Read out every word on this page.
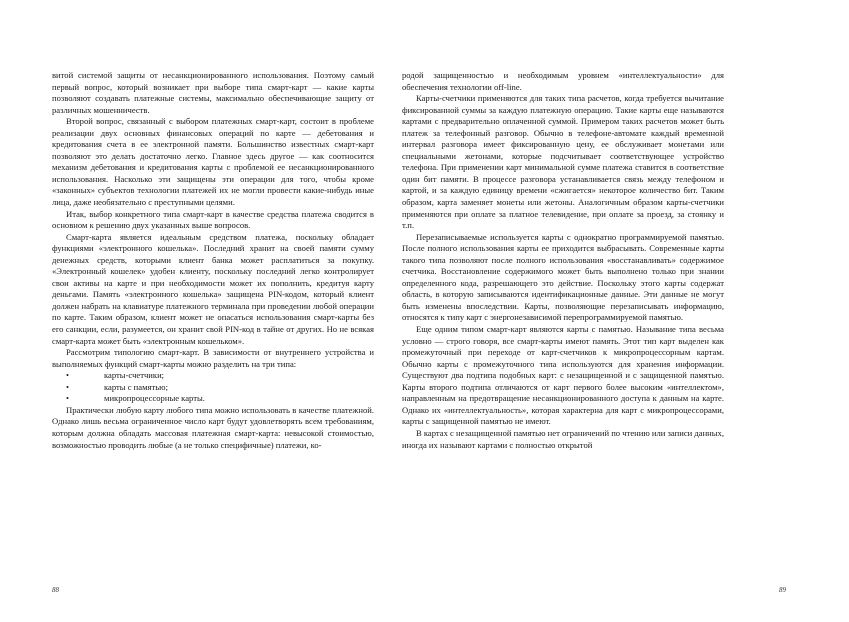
витой системой защиты от несанкционированного использования. Поэтому самый первый вопрос, который возникает при выборе типа смарт-карт — какие карты позволяют создавать платежные системы, максимально обеспечивающие защиту от различных мошенничеств.

Второй вопрос, связанный с выбором платежных смарт-карт, состоит в проблеме реализации двух основных финансовых операций по карте — дебетования и кредитования счета в ее электронной памяти. Большинство известных смарт-карт позволяют это делать достаточно легко. Главное здесь другое — как соотносится механизм дебетования и кредитования карты с проблемой ее несанкционированного использования. Насколько эти защищены эти операции для того, чтобы кроме «законных» субъектов технологии платежей их не могли провести какие-нибудь иные лица, даже необязательно с преступными целями.

Итак, выбор конкретного типа смарт-карт в качестве средства платежа сводится в основном к решению двух указанных выше вопросов.

Смарт-карта является идеальным средством платежа, поскольку обладает функциями «электронного кошелька». Последний хранит на своей памяти сумму денежных средств, которыми клиент банка может расплатиться за покупку. «Электронный кошелек» удобен клиенту, поскольку последний легко контролирует свои активы на карте и при необходимости может их пополнить, кредитуя карту деньгами. Память «электронного кошелька» защищена PIN-кодом, который клиент должен набрать на клавиатуре платежного терминала при проведении любой операции по карте. Таким образом, клиент может не опасаться использования смарт-карты без его санкции, если, разумеется, он хранит свой PIN-код в тайне от других. Но не всякая смарт-карта может быть «электронным кошельком».

Рассмотрим типологию смарт-карт. В зависимости от внутреннего устройства и выполняемых функций смарт-карты можно разделить на три типа:

• карты-счетчики;
• карты с памятью;
• микропроцессорные карты.

Практически любую карту любого типа можно использовать в качестве платежной. Однако лишь весьма ограниченное число карт будут удовлетворять всем требованиям, которым должна обладать массовая платежная смарт-карта: невысокой стоимостью, возможностью проводить любые (а не только специфичные) платежи, ко-

88

родой защищенностью и необходимым уровнем «интеллектуальности» для обеспечения технологии off-line.

Карты-счетчики применяются для таких типа расчетов, когда требуется вычитание фиксированной суммы за каждую платежную операцию. Такие карты еще называются картами с предварительно оплаченной суммой. Примером таких расчетов может быть платеж за телефонный разговор. Обычно в телефоне-автомате каждый временной интервал разговора имеет фиксированную цену, ее обслуживает монетами или специальными жетонами, которые подсчитывает соответствующее устройство телефона. При применении карт минимальной сумме платежа ставится в соответствие один бит памяти. В процессе разговора устанавливается связь между телефоном и картой, и за каждую единицу времени «сжигается» некоторое количество бит. Таким образом, карта заменяет монеты или жетоны. Аналогичным образом карты-счетчики применяются при оплате за платное телевидение, при оплате за проезд, за стоянку и т.п.

Перезаписываемые используется карты с однократно программируемой памятью. После полного использования карты ее приходится выбрасывать. Современные карты такого типа позволяют после полного использования «восстанавливать» содержимое счетчика. Восстановление содержимого может быть выполнено только при знании определенного кода, разрешающего это действие. Поскольку этого карты содержат область, в которую записываются идентификационные данные. Эти данные не могут быть изменены впоследствии. Карты, позволяющие перезаписывать информацию, относятся к типу карт с энергонезависимой перепрограммируемой памятью.

Еще одним типом смарт-карт являются карты с памятью. Называние типа весьма условно — строго говоря, все смарт-карты имеют память. Этот тип карт выделен как промежуточный при переходе от карт-счетчиков к микропроцессорным картам. Обычно карты с промежуточного типа используются для хранения информации. Существуют два подтипа подобных карт: с незащищенной и с защищенной памятью. Карты второго подтипа отличаются от карт первого более высоким «интеллектом», направленным на предотвращение несанкционированного доступа к данным на карте. Однако их «интеллектуальность», которая характерна для карт с микропроцессорами, карты с защищенной памятью не имеют.

В картах с незащищенной памятью нет ограничений по чтению или записи данных, иногда их называют картами с полностью открытой

89
